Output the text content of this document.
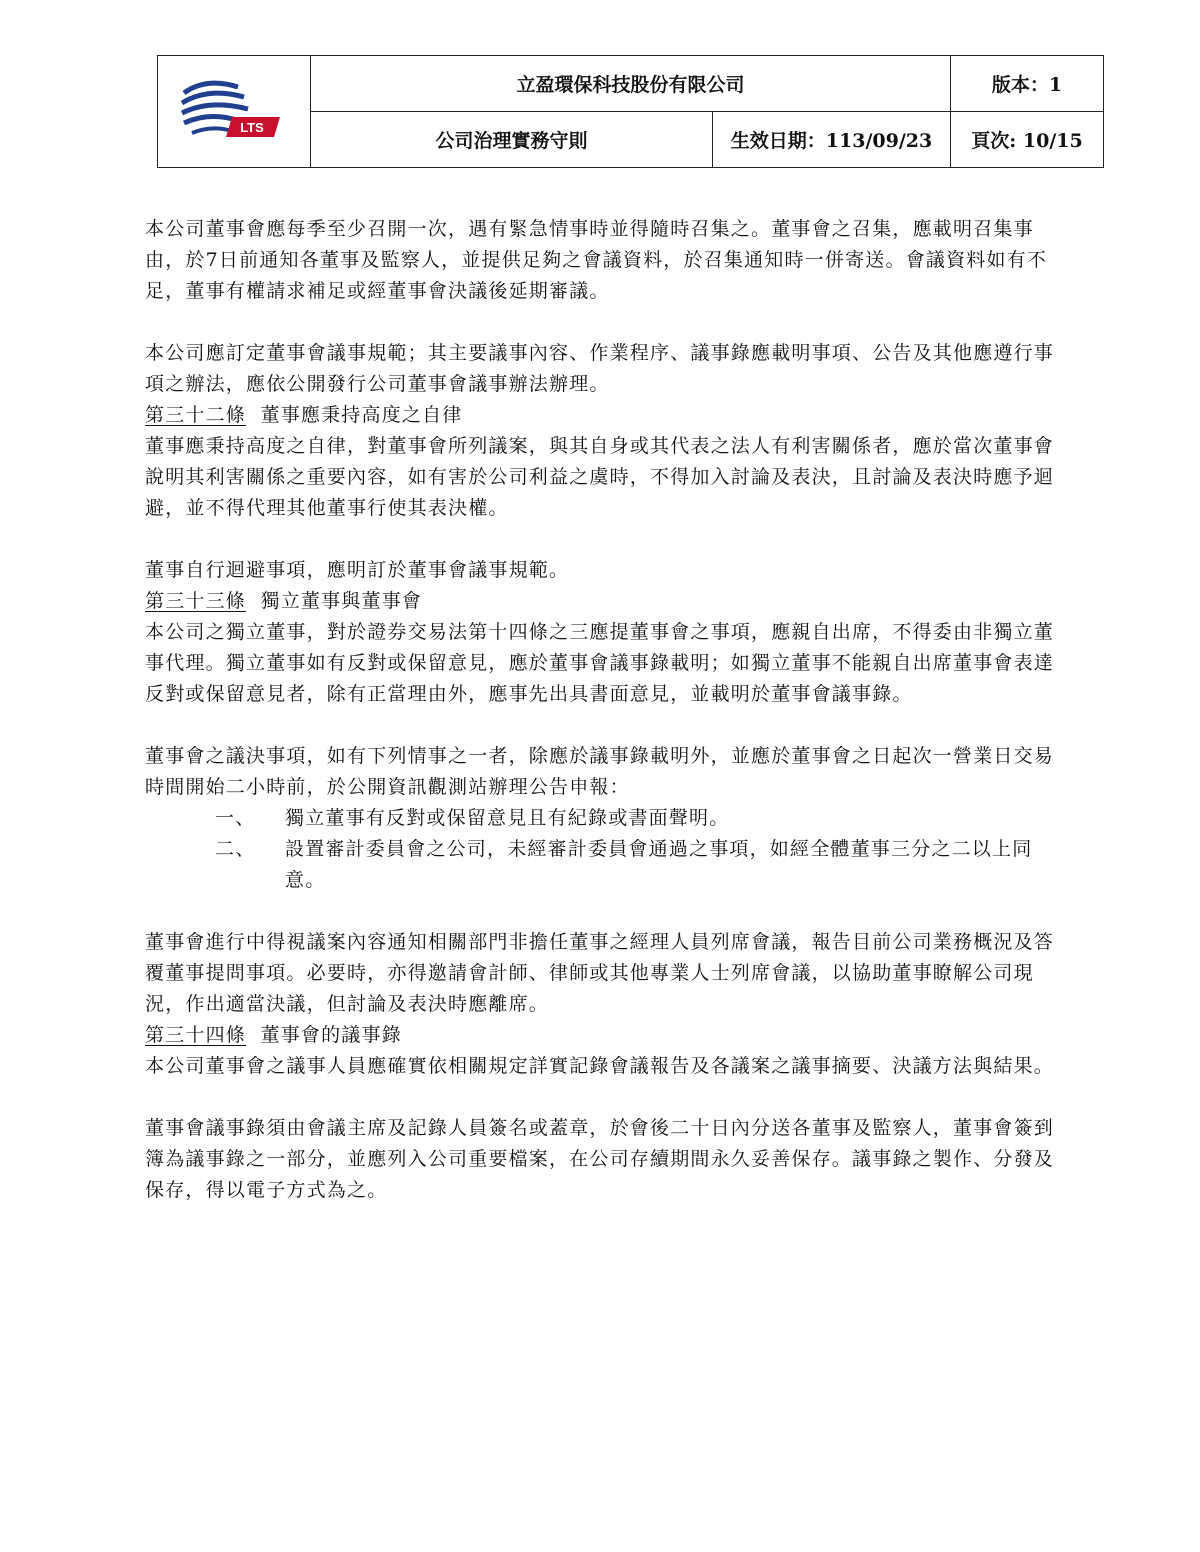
LTS	立盈環保科技股份有限公司		版本：1
	公司治理實務守則	生效日期：113/09/23	頁次: 10/15

本公司董事會應每季至少召開一次，遇有緊急情事時並得隨時召集之。董事會之召集，應載明召集事由，於7日前通知各董事及監察人，並提供足夠之會議資料，於召集通知時一併寄送。會議資料如有不足，董事有權請求補足或經董事會決議後延期審議。

本公司應訂定董事會議事規範；其主要議事內容、作業程序、議事錄應載明事項、公告及其他應遵行事項之辦法，應依公開發行公司董事會議事辦法辦理。

第三十二條 董事應秉持高度之自律

董事應秉持高度之自律，對董事會所列議案，與其自身或其代表之法人有利害關係者，應於當次董事會說明其利害關係之重要內容，如有害於公司利益之虞時，不得加入討論及表決，且討論及表決時應予迴避，並不得代理其他董事行使其表決權。

董事自行迴避事項，應明訂於董事會議事規範。

第三十三條 獨立董事與董事會

本公司之獨立董事，對於證券交易法第十四條之三應提董事會之事項，應親自出席，不得委由非獨立董事代理。獨立董事如有反對或保留意見，應於董事會議事錄載明；如獨立董事不能親自出席董事會表達反對或保留意見者，除有正當理由外，應事先出具書面意見，並載明於董事會議事錄。

董事會之議決事項，如有下列情事之一者，除應於議事錄載明外，並應於董事會之日起次一營業日交易時間開始二小時前，於公開資訊觀測站辦理公告申報：

一、	獨立董事有反對或保留意見且有紀錄或書面聲明。
二、	設置審計委員會之公司，未經審計委員會通過之事項，如經全體董事三分之二以上同意。

董事會進行中得視議案內容通知相關部門非擔任董事之經理人員列席會議，報告目前公司業務概況及答覆董事提問事項。必要時，亦得邀請會計師、律師或其他專業人士列席會議，以協助董事瞭解公司現況，作出適當決議，但討論及表決時應離席。

第三十四條 董事會的議事錄

本公司董事會之議事人員應確實依相關規定詳實記錄會議報告及各議案之議事摘要、決議方法與結果。

董事會議事錄須由會議主席及記錄人員簽名或蓋章，於會後二十日內分送各董事及監察人，董事會簽到簿為議事錄之一部分，並應列入公司重要檔案，在公司存續期間永久妥善保存。議事錄之製作、分發及保存，得以電子方式為之。
